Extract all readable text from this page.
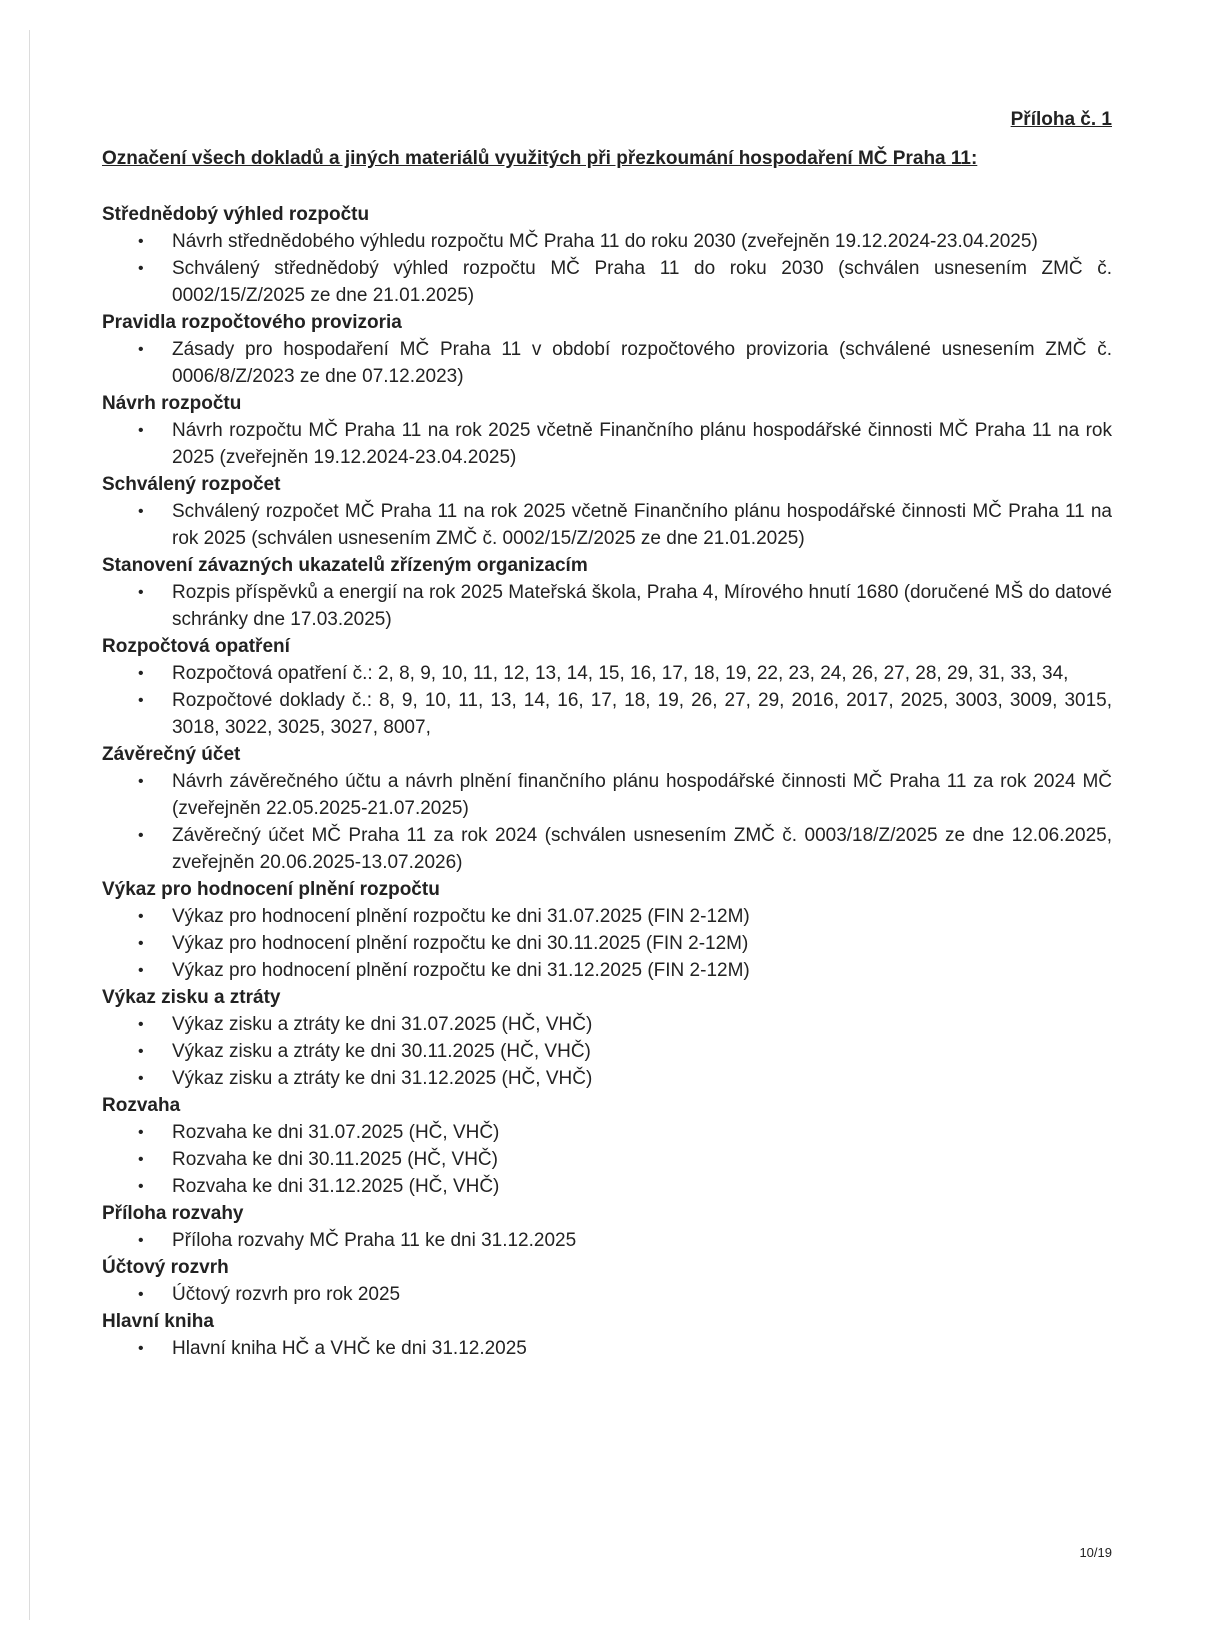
Příloha č. 1
Označení všech dokladů a jiných materiálů využitých při přezkoumání hospodaření MČ Praha 11:
Střednědobý výhled rozpočtu
• Návrh střednědobého výhledu rozpočtu MČ Praha 11 do roku 2030 (zveřejněn 19.12.2024-23.04.2025)
• Schválený střednědobý výhled rozpočtu MČ Praha 11 do roku 2030 (schválen usnesením ZMČ č. 0002/15/Z/2025 ze dne 21.01.2025)
Pravidla rozpočtového provizoria
• Zásady pro hospodaření MČ Praha 11 v období rozpočtového provizoria (schválené usnesením ZMČ č. 0006/8/Z/2023 ze dne 07.12.2023)
Návrh rozpočtu
• Návrh rozpočtu MČ Praha 11 na rok 2025 včetně Finančního plánu hospodářské činnosti MČ Praha 11 na rok 2025 (zveřejněn 19.12.2024-23.04.2025)
Schválený rozpočet
• Schválený rozpočet MČ Praha 11 na rok 2025 včetně Finančního plánu hospodářské činnosti MČ Praha 11 na rok 2025 (schválen usnesením ZMČ č. 0002/15/Z/2025 ze dne 21.01.2025)
Stanovení závazných ukazatelů zřízeným organizacím
• Rozpis příspěvků a energií na rok 2025 Mateřská škola, Praha 4, Mírového hnutí 1680 (doručené MŠ do datové schránky dne 17.03.2025)
Rozpočtová opatření
• Rozpočtová opatření č.: 2, 8, 9, 10, 11, 12, 13, 14, 15, 16, 17, 18, 19, 22, 23, 24, 26, 27, 28, 29, 31, 33, 34,
• Rozpočtové doklady č.: 8, 9, 10, 11, 13, 14, 16, 17, 18, 19, 26, 27, 29, 2016, 2017, 2025, 3003, 3009, 3015, 3018, 3022, 3025, 3027, 8007,
Závěrečný účet
• Návrh závěrečného účtu a návrh plnění finančního plánu hospodářské činnosti MČ Praha 11 za rok 2024 MČ (zveřejněn 22.05.2025-21.07.2025)
• Závěrečný účet MČ Praha 11 za rok 2024 (schválen usnesením ZMČ č. 0003/18/Z/2025 ze dne 12.06.2025, zveřejněn 20.06.2025-13.07.2026)
Výkaz pro hodnocení plnění rozpočtu
• Výkaz pro hodnocení plnění rozpočtu ke dni 31.07.2025 (FIN 2-12M)
• Výkaz pro hodnocení plnění rozpočtu ke dni 30.11.2025 (FIN 2-12M)
• Výkaz pro hodnocení plnění rozpočtu ke dni 31.12.2025 (FIN 2-12M)
Výkaz zisku a ztráty
• Výkaz zisku a ztráty ke dni 31.07.2025 (HČ, VHČ)
• Výkaz zisku a ztráty ke dni 30.11.2025 (HČ, VHČ)
• Výkaz zisku a ztráty ke dni 31.12.2025 (HČ, VHČ)
Rozvaha
• Rozvaha ke dni 31.07.2025 (HČ, VHČ)
• Rozvaha ke dni 30.11.2025 (HČ, VHČ)
• Rozvaha ke dni 31.12.2025 (HČ, VHČ)
Příloha rozvahy
• Příloha rozvahy MČ Praha 11 ke dni 31.12.2025
Účtový rozvrh
• Účtový rozvrh pro rok 2025
Hlavní kniha
• Hlavní kniha HČ a VHČ ke dni 31.12.2025
10/19
